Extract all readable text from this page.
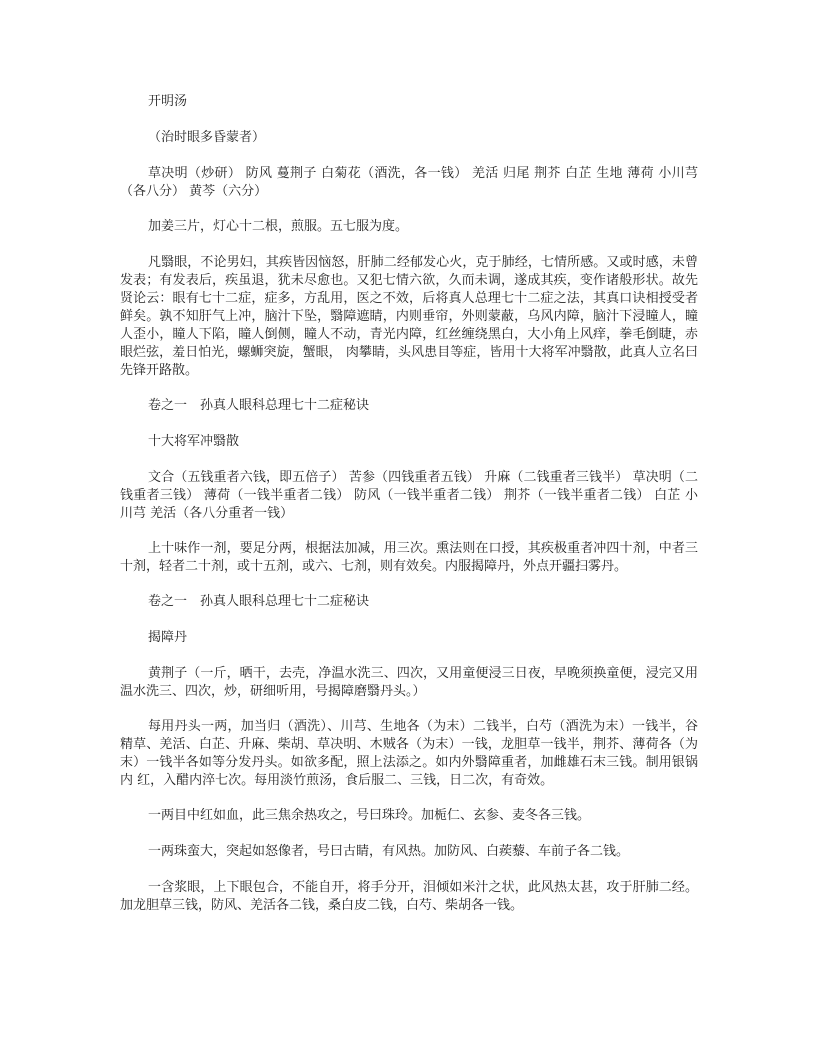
开明汤

（治时眼多昏蒙者）

草决明（炒研） 防风 蔓荆子 白菊花（酒洗，各一钱） 羌活 归尾 荆芥 白芷 生地 薄荷 小川芎（各八分） 黄芩（六分）

加姜三片，灯心十二根，煎服。五七服为度。

凡翳眼，不论男妇，其疾皆因恼怒，肝肺二经郁发心火，克于肺经，七情所感。又或时感，未曾发表；有发表后，疾虽退，犹未尽愈也。又犯七情六欲，久而未调，遂成其疾，变作诸般形状。故先贤论云：眼有七十二症，症多，方乱用，医之不效，后将真人总理七十二症之法，其真口诀相授受者鲜矣。孰不知肝气上冲，脑汁下坠，翳障遮睛，内则垂帘，外则蒙蔽，乌风内障，脑汁下浸瞳人，瞳人歪小，瞳人下陷，瞳人倒侧，瞳人不动，青光内障，红丝缠绕黑白，大小角上风痒，拳毛倒睫，赤眼烂弦，羞日怕光，螺蛳突旋，蟹眼， 肉攀睛，头风患目等症，皆用十大将军冲翳散，此真人立名曰先锋开路散。

卷之一　孙真人眼科总理七十二症秘诀

十大将军冲翳散

文合（五钱重者六钱，即五倍子） 苦参（四钱重者五钱） 升麻（二钱重者三钱半） 草决明（二钱重者三钱） 薄荷（一钱半重者二钱） 防风（一钱半重者二钱） 荆芥（一钱半重者二钱） 白芷 小川芎 羌活（各八分重者一钱）

上十味作一剂，要足分两，根据法加减，用三次。熏法则在口授，其疾极重者冲四十剂，中者三十剂，轻者二十剂，或十五剂，或六、七剂，则有效矣。内服揭障丹，外点开疆扫雾丹。

卷之一　孙真人眼科总理七十二症秘诀

揭障丹

黄荆子（一斤，晒干，去壳，净温水洗三、四次，又用童便浸三日夜，早晚须换童便，浸完又用温水洗三、四次，炒，研细听用，号揭障磨翳丹头。）

每用丹头一两，加当归（酒洗）、川芎、生地各（为末）二钱半，白芍（酒洗为末）一钱半，谷精草、羌活、白芷、升麻、柴胡、草决明、木贼各（为末）一钱，龙胆草一钱半，荆芥、薄荷各（为末）一钱半各如等分发丹头。如欲多配，照上法添之。如内外翳障重者，加雌雄石末三钱。制用银锅内 红，入醋内淬七次。每用淡竹煎汤，食后服二、三钱，日二次，有奇效。

一两目中红如血，此三焦余热攻之，号曰珠玲。加栀仁、玄参、麦冬各三钱。

一两珠蛮大，突起如怒像者，号曰古睛，有风热。加防风、白蒺藜、车前子各二钱。

一含浆眼，上下眼包合，不能自开，将手分开，泪倾如米汁之状，此风热太甚，攻于肝肺二经。加龙胆草三钱，防风、羌活各二钱，桑白皮二钱，白芍、柴胡各一钱。
